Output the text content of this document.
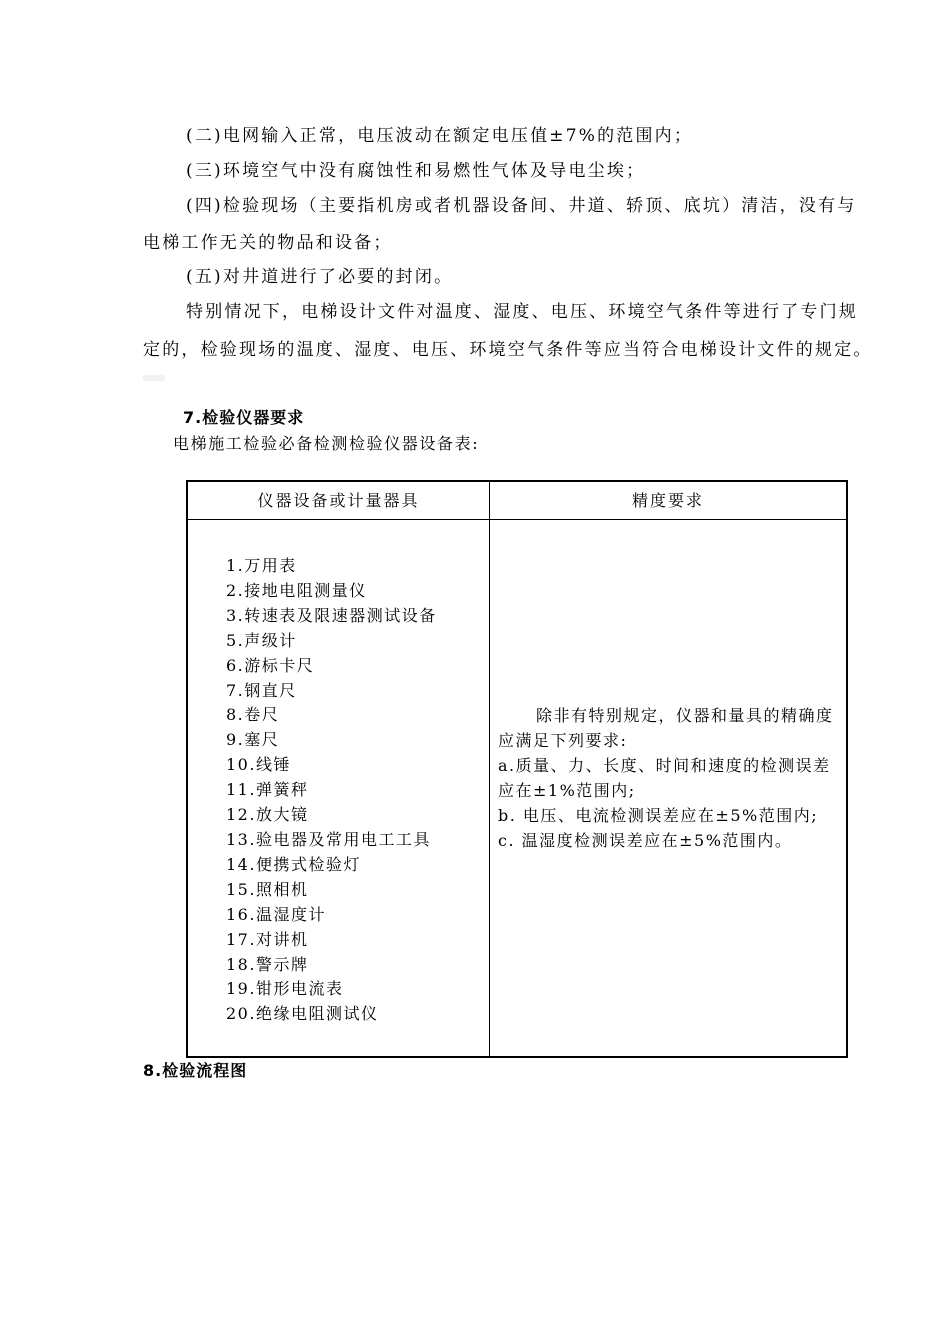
(二)电网输入正常，电压波动在额定电压值±7%的范围内；
(三)环境空气中没有腐蚀性和易燃性气体及导电尘埃；
(四)检验现场（主要指机房或者机器设备间、井道、轿顶、底坑）清洁，没有与
电梯工作无关的物品和设备；
(五)对井道进行了必要的封闭。
特别情况下，电梯设计文件对温度、湿度、电压、环境空气条件等进行了专门规
定的，检验现场的温度、湿度、电压、环境空气条件等应当符合电梯设计文件的规定。
7.检验仪器要求
电梯施工检验必备检测检验仪器设备表:
仪器设备或计量器具	精度要求
1.万用表
2.接地电阻测量仪
3.转速表及限速器测试设备
5.声级计
6.游标卡尺
7.钢直尺
8.卷尺
9.塞尺
10.线锤
11.弹簧秤
12.放大镜
13.验电器及常用电工工具
14.便携式检验灯
15.照相机
16.温湿度计
17.对讲机
18.警示牌
19.钳形电流表
20.绝缘电阻测试仪

除非有特别规定，仪器和量具的精确度应满足下列要求:

a.质量、力、长度、时间和速度的检测误差应在±1%范围内;

b. 电压、电流检测误差应在±5%范围内;

c. 温湿度检测误差应在±5%范围内。

8.检验流程图
